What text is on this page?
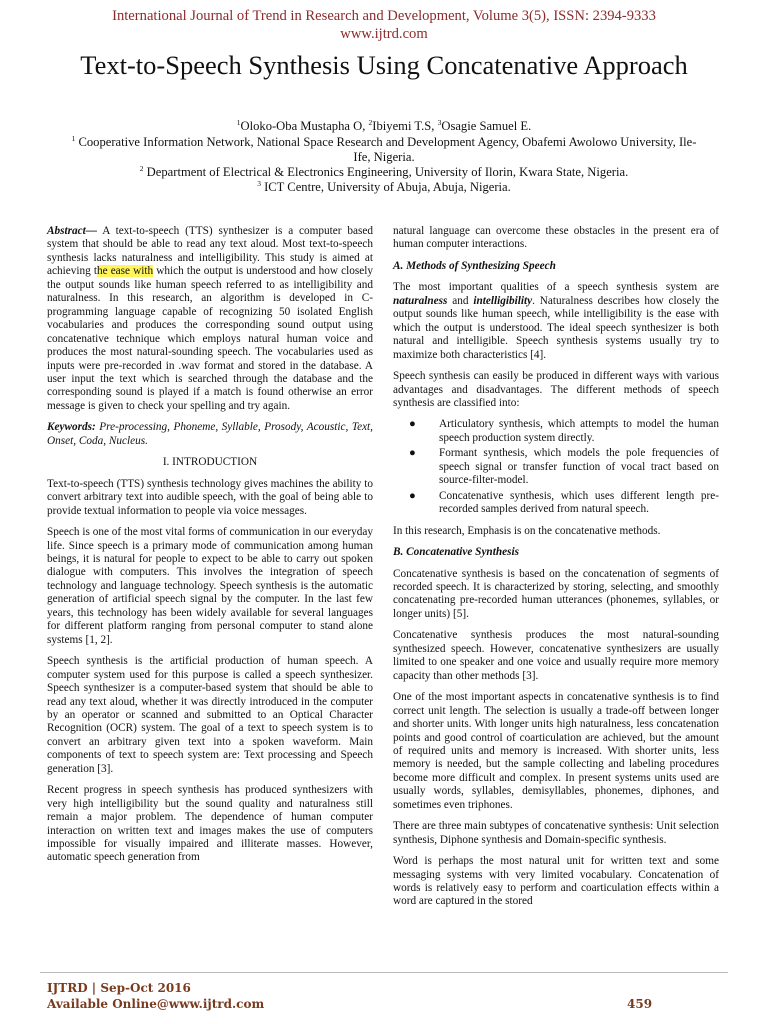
International Journal of Trend in Research and Development, Volume 3(5), ISSN: 2394-9333
www.ijtrd.com
Text-to-Speech Synthesis Using Concatenative Approach
$^1$Oloko-Oba Mustapha O, $^2$Ibiyemi T.S, $^3$Osagie Samuel E.
$^1$ Cooperative Information Network, National Space Research and Development Agency, Obafemi Awolowo University, Ile-Ife, Nigeria.
$^2$ Department of Electrical & Electronics Engineering, University of Ilorin, Kwara State, Nigeria.
$^3$ ICT Centre, University of Abuja, Abuja, Nigeria.

Abstract— A text-to-speech (TTS) synthesizer is a computer based system that should be able to read any text aloud. Most text-to-speech synthesis lacks naturalness and intelligibility. This study is aimed at achieving the ease with which the output is understood and how closely the output sounds like human speech referred to as intelligibility and naturalness. In this research, an algorithm is developed in C-programming language capable of recognizing 50 isolated English vocabularies and produces the corresponding sound output using concatenative technique which employs natural human voice and produces the most natural-sounding speech. The vocabularies used as inputs were pre-recorded in .wav format and stored in the database. A user input the text which is searched through the database and the corresponding sound is played if a match is found otherwise an error message is given to check your spelling and try again.

Keywords: Pre-processing, Phoneme, Syllable, Prosody, Acoustic, Text, Onset, Coda, Nucleus.

I. INTRODUCTION

Text-to-speech (TTS) synthesis technology gives machines the ability to convert arbitrary text into audible speech, with the goal of being able to provide textual information to people via voice messages.

Speech is one of the most vital forms of communication in our everyday life. Since speech is a primary mode of communication among human beings, it is natural for people to expect to be able to carry out spoken dialogue with computers. This involves the integration of speech technology and language technology. Speech synthesis is the automatic generation of artificial speech signal by the computer. In the last few years, this technology has been widely available for several languages for different platform ranging from personal computer to stand alone systems [1, 2].

Speech synthesis is the artificial production of human speech. A computer system used for this purpose is called a speech synthesizer. Speech synthesizer is a computer-based system that should be able to read any text aloud, whether it was directly introduced in the computer by an operator or scanned and submitted to an Optical Character Recognition (OCR) system. The goal of a text to speech system is to convert an arbitrary given text into a spoken waveform. Main components of text to speech system are: Text processing and Speech generation [3].

Recent progress in speech synthesis has produced synthesizers with very high intelligibility but the sound quality and naturalness still remain a major problem. The dependence of human computer interaction on written text and images makes the use of computers impossible for visually impaired and illiterate masses. However, automatic speech generation from

natural language can overcome these obstacles in the present era of human computer interactions.

A. Methods of Synthesizing Speech

The most important qualities of a speech synthesis system are naturalness and intelligibility. Naturalness describes how closely the output sounds like human speech, while intelligibility is the ease with which the output is understood. The ideal speech synthesizer is both natural and intelligible. Speech synthesis systems usually try to maximize both characteristics [4].

Speech synthesis can easily be produced in different ways with various advantages and disadvantages. The different methods of speech synthesis are classified into:

● Articulatory synthesis, which attempts to model the human speech production system directly.
● Formant synthesis, which models the pole frequencies of speech signal or transfer function of vocal tract based on source-filter-model.
● Concatenative synthesis, which uses different length pre-recorded samples derived from natural speech.

In this research, Emphasis is on the concatenative methods.

B. Concatenative Synthesis

Concatenative synthesis is based on the concatenation of segments of recorded speech. It is characterized by storing, selecting, and smoothly concatenating pre-recorded human utterances (phonemes, syllables, or longer units) [5].

Concatenative synthesis produces the most natural-sounding synthesized speech. However, concatenative synthesizers are usually limited to one speaker and one voice and usually require more memory capacity than other methods [3].

One of the most important aspects in concatenative synthesis is to find correct unit length. The selection is usually a trade-off between longer and shorter units. With longer units high naturalness, less concatenation points and good control of coarticulation are achieved, but the amount of required units and memory is increased. With shorter units, less memory is needed, but the sample collecting and labeling procedures become more difficult and complex. In present systems units used are usually words, syllables, demisyllables, phonemes, diphones, and sometimes even triphones.

There are three main subtypes of concatenative synthesis: Unit selection synthesis, Diphone synthesis and Domain-specific synthesis.

Word is perhaps the most natural unit for written text and some messaging systems with very limited vocabulary. Concatenation of words is relatively easy to perform and coarticulation effects within a word are captured in the stored

IJTRD | Sep-Oct 2016
Available Online@www.ijtrd.com	459
